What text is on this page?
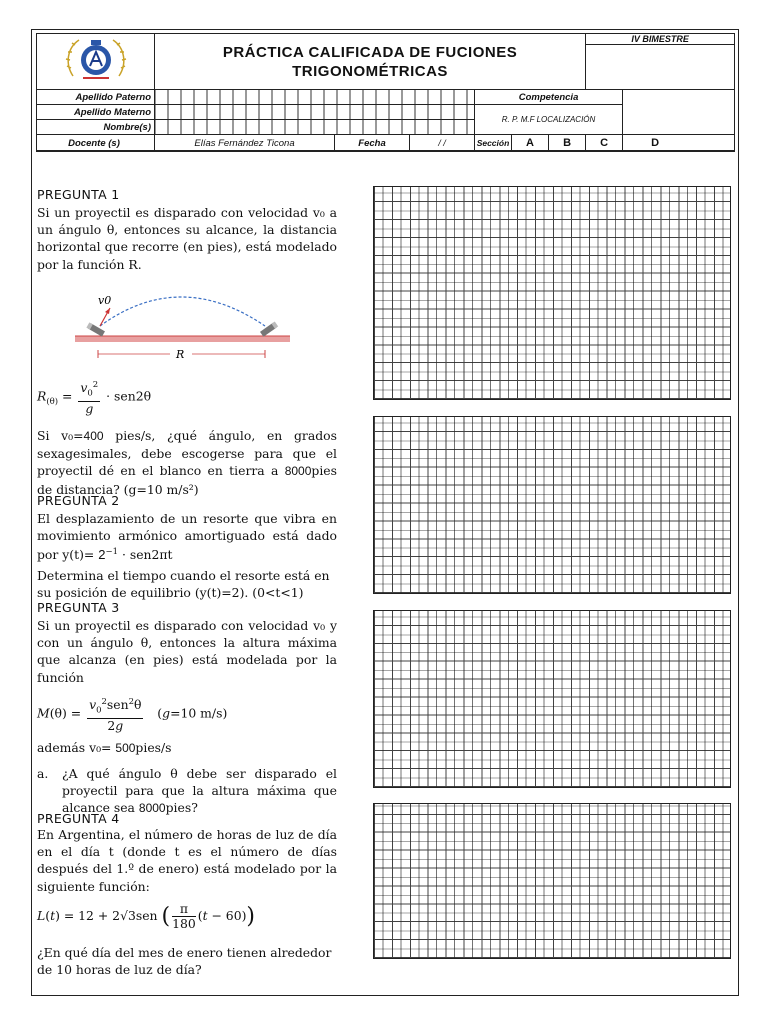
	PRÁCTICA CALIFICADA DE FUCIONES
TRIGONOMÉTRICAS						IV BIMESTRE	

Apellido Paterno				Competencia				
Apellido Materno				R. P. M.F LOCALIZACIÓN				
Nombre(s)								
Docente (s)	Elías Fernández Ticona	Fecha	/ /	Sección	A	B	C	D
PREGUNTA 1
Si un proyectil es disparado con velocidad v₀ a un ángulo θ, entonces su alcance, la distancia horizontal que recorre (en pies), está modelado por la función R.
v0
R
$R_{(\theta)} = \frac{v_0^2}{g} \cdot sen2\theta$
Si v₀=400 pies/s, ¿qué ángulo, en grados sexagesimales, debe escogerse para que el proyectil dé en el blanco en tierra a 8000pies de distancia? (g=10 m/s²)
PREGUNTA 2
El desplazamiento de un resorte que vibra en movimiento armónico amortiguado está dado por $y(t)= 2^{-1} \cdot sen2\pi t$
Determina el tiempo cuando el resorte está en su posición de equilibrio (y(t)=2). (0<t<1)
PREGUNTA 3
Si un proyectil es disparado con velocidad v₀ y con un ángulo θ, entonces la altura máxima que alcanza (en pies) está modelada por la función
$M(\theta) = \frac{v_0^2sen^2\theta}{2g} (g=10$ m/s)
además v₀= 500pies/s
a. ¿A qué ángulo θ debe ser disparado el proyectil para que la altura máxima que alcance sea 8000pies?
PREGUNTA 4
En Argentina, el número de horas de luz de día en el día t (donde t es el número de días después del 1.º de enero) está modelado por la siguiente función:
L(t) = 12 + 2√3sen ( $\frac{\pi}{180} (t - 60)$)
¿En qué día del mes de enero tienen alrededor de 10 horas de luz de día?
